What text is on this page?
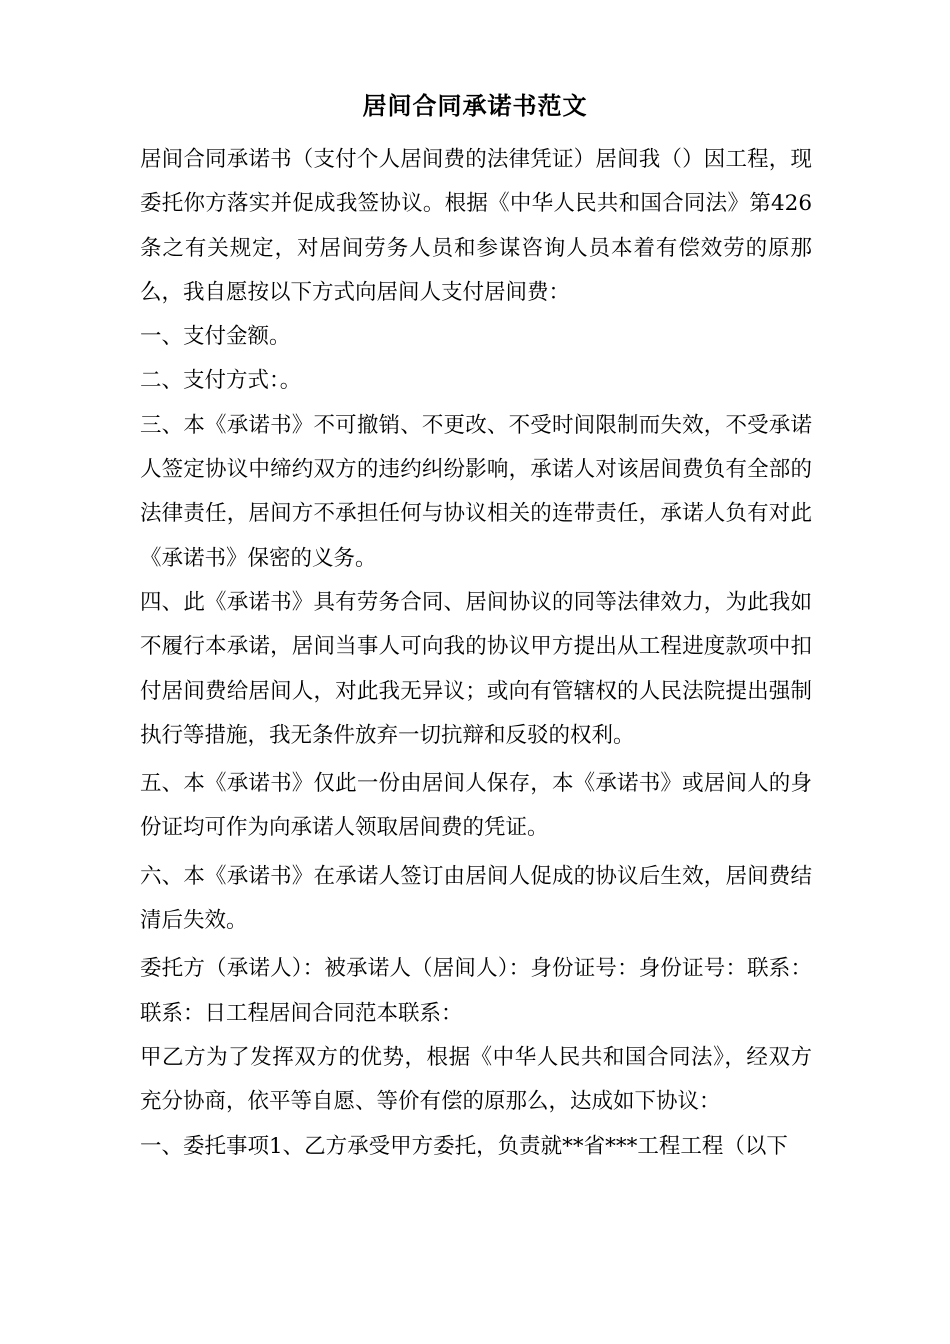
居间合同承诺书范文

居间合同承诺书（支付个人居间费的法律凭证）居间我（）因工程，现委托你方落实并促成我签协议。根据《中华人民共和国合同法》第426条之有关规定，对居间劳务人员和参谋咨询人员本着有偿效劳的原那么，我自愿按以下方式向居间人支付居间费：

一、支付金额。

二、支付方式：。

三、本《承诺书》不可撤销、不更改、不受时间限制而失效，不受承诺人签定协议中缔约双方的违约纠纷影响，承诺人对该居间费负有全部的法律责任，居间方不承担任何与协议相关的连带责任，承诺人负有对此《承诺书》保密的义务。

四、此《承诺书》具有劳务合同、居间协议的同等法律效力，为此我如不履行本承诺，居间当事人可向我的协议甲方提出从工程进度款项中扣付居间费给居间人，对此我无异议；或向有管辖权的人民法院提出强制执行等措施，我无条件放弃一切抗辩和反驳的权利。

五、本《承诺书》仅此一份由居间人保存，本《承诺书》或居间人的身份证均可作为向承诺人领取居间费的凭证。

六、本《承诺书》在承诺人签订由居间人促成的协议后生效，居间费结清后失效。

委托方（承诺人）：被承诺人（居间人）：身份证号：身份证号：联系：联系：日工程居间合同范本联系：

甲乙方为了发挥双方的优势，根据《中华人民共和国合同法》，经双方充分协商，依平等自愿、等价有偿的原那么，达成如下协议：

一、委托事项1、乙方承受甲方委托，负责就**省***工程工程（以下
